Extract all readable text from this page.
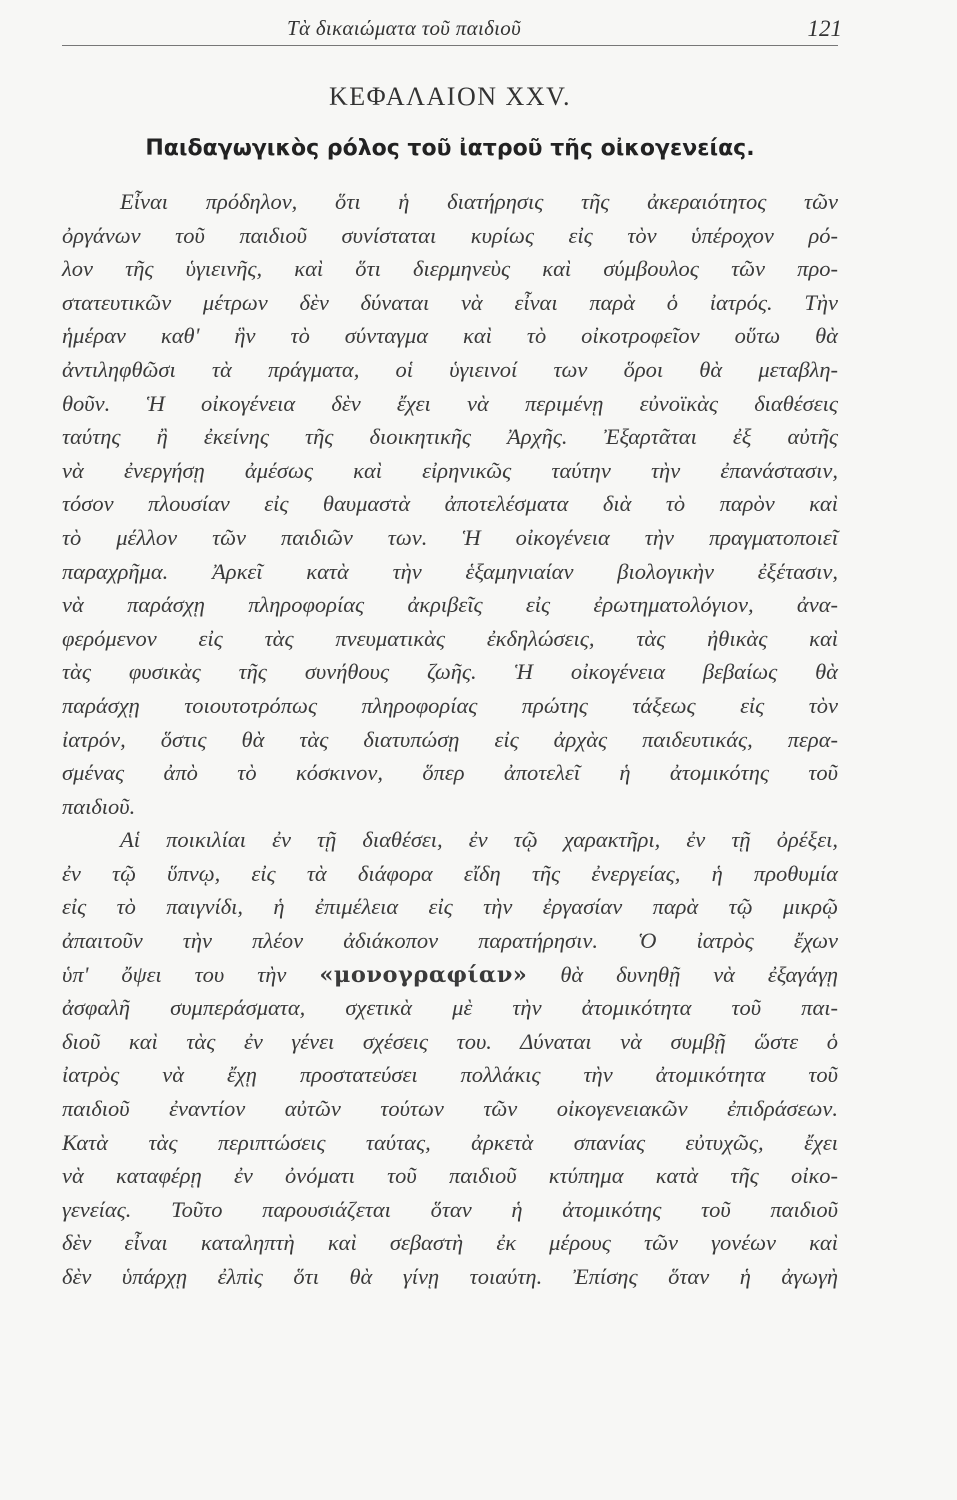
Τὰ δικαιώματα τοῦ παιδιοῦ	121
ΚΕΦΑΛΑΙΟΝ XXV.
Παιδαγωγικὸς ρόλος τοῦ ἰατροῦ τῆς οἰκογενείας.
Εἶναι πρόδηλον, ὅτι ἡ διατήρησις τῆς ἀκεραιότητος τῶν
ὀργάνων τοῦ παιδιοῦ συνίσταται κυρίως εἰς τὸν ὑπέροχον ρό-
λον τῆς ὑγιεινῆς, καὶ ὅτι διερμηνεὺς καὶ σύμβουλος τῶν προ-
στατευτικῶν μέτρων δὲν δύναται νὰ εἶναι παρὰ ὁ ἰατρός. Τὴν
ἡμέραν καθ' ἣν τὸ σύνταγμα καὶ τὸ οἰκοτροφεῖον οὕτω θὰ
ἀντιληφθῶσι τὰ πράγματα, οἱ ὑγιεινοί των ὅροι θὰ μεταβλη-
θοῦν. Ἡ οἰκογένεια δὲν ἔχει νὰ περιμένῃ εὐνοϊκὰς διαθέσεις
ταύτης ἢ ἐκείνης τῆς διοικητικῆς Ἀρχῆς. Ἐξαρτᾶται ἐξ αὐτῆς
νὰ ἐνεργήσῃ ἀμέσως καὶ εἰρηνικῶς ταύτην τὴν ἐπανάστασιν,
τόσον πλουσίαν εἰς θαυμαστὰ ἀποτελέσματα διὰ τὸ παρὸν καὶ
τὸ μέλλον τῶν παιδιῶν των. Ἡ οἰκογένεια τὴν πραγματοποιεῖ
παραχρῆμα. Ἀρκεῖ κατὰ τὴν ἑξαμηνιαίαν βιολογικὴν ἐξέτασιν,
νὰ παράσχῃ πληροφορίας ἀκριβεῖς εἰς ἐρωτηματολόγιον, ἀνα-
φερόμενον εἰς τὰς πνευματικὰς ἐκδηλώσεις, τὰς ἠθικὰς καὶ
τὰς φυσικὰς τῆς συνήθους ζωῆς. Ἡ οἰκογένεια βεβαίως θὰ
παράσχῃ τοιουτοτρόπως πληροφορίας πρώτης τάξεως εἰς τὸν
ἰατρόν, ὅστις θὰ τὰς διατυπώσῃ εἰς ἀρχὰς παιδευτικάς, περα-
σμένας ἀπὸ τὸ κόσκινον, ὅπερ ἀποτελεῖ ἡ ἀτομικότης τοῦ
παιδιοῦ.
Αἱ ποικιλίαι ἐν τῇ διαθέσει, ἐν τῷ χαρακτῆρι, ἐν τῇ ὀρέξει,
ἐν τῷ ὕπνῳ, εἰς τὰ διάφορα εἴδη τῆς ἐνεργείας, ἡ προθυμία
εἰς τὸ παιγνίδι, ἡ ἐπιμέλεια εἰς τὴν ἐργασίαν παρὰ τῷ μικρῷ
ἀπαιτοῦν τὴν πλέον ἀδιάκοπον παρατήρησιν. Ὁ ἰατρὸς ἔχων
ὑπ' ὄψει του τὴν «μονογραφίαν» θὰ δυνηθῇ νὰ ἐξαγάγῃ
ἀσφαλῆ συμπεράσματα, σχετικὰ μὲ τὴν ἀτομικότητα τοῦ παι-
διοῦ καὶ τὰς ἐν γένει σχέσεις του. Δύναται νὰ συμβῇ ὥστε ὁ
ἰατρὸς νὰ ἔχῃ προστατεύσει πολλάκις τὴν ἀτομικότητα τοῦ
παιδιοῦ ἐναντίον αὐτῶν τούτων τῶν οἰκογενειακῶν ἐπιδράσεων.
Κατὰ τὰς περιπτώσεις ταύτας, ἀρκετὰ σπανίας εὐτυχῶς, ἔχει
νὰ καταφέρῃ ἐν ὀνόματι τοῦ παιδιοῦ κτύπημα κατὰ τῆς οἰκο-
γενείας. Τοῦτο παρουσιάζεται ὅταν ἡ ἀτομικότης τοῦ παιδιοῦ
δὲν εἶναι καταληπτὴ καὶ σεβαστὴ ἐκ μέρους τῶν γονέων καὶ
δὲν ὑπάρχῃ ἐλπὶς ὅτι θὰ γίνῃ τοιαύτη. Ἐπίσης ὅταν ἡ ἀγωγὴ
